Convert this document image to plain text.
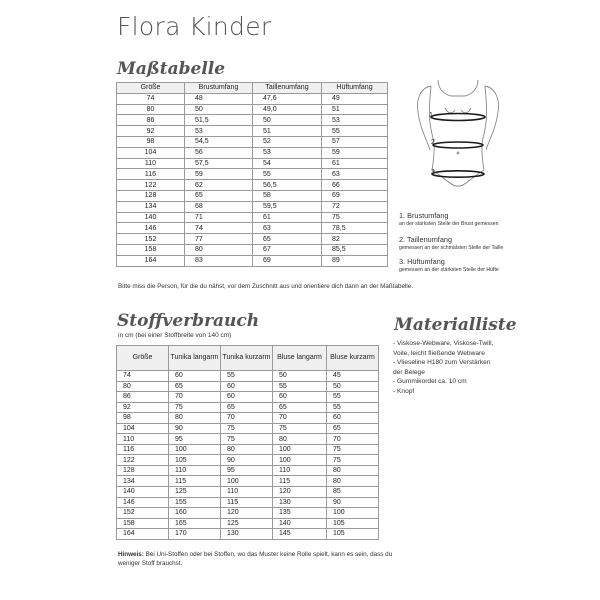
Flora Kinder
Maßtabelle
Größe	Brustumfang	Taillenumfang	Hüftumfang
74	48	47,6	49
80	50	49,0	51
86	51,5	50	53
92	53	51	55
98	54,5	52	57
104	56	53	59
110	57,5	54	61
116	59	55	63
122	62	56,5	66
128	65	58	69
134	68	59,5	72
140	71	61	75
146	74	63	78,5
152	77	65	82
158	80	67	85,5
164	83	69	89
Bitte miss die Person, für die du nähst, vor dem Zuschnitt aus und orientiere dich dann an der Maßtabelle.
1
2
3
1. Brustumfang
an der stärksten Stelle der Brust gemessen
2. Taillenumfang
gemessen an der schmalsten Stelle der Taille
3. Hüftumfang
gemessen an der stärksten Stelle der Hüfte
Stoffverbrauch
in cm (bei einer Stoffbreite von 140 cm)
Größe	Tunika langarm	Tunika kurzarm	Bluse langarm	Bluse kurzarm
74	60	55	50	45
80	65	60	55	50
86	70	60	60	55
92	75	65	65	55
98	80	70	70	60
104	90	75	75	65
110	95	75	80	70
116	100	80	100	75
122	105	90	100	75
128	110	95	110	80
134	115	100	115	80
140	125	110	120	85
146	155	115	130	90
152	160	120	135	100
158	165	125	140	105
164	170	130	145	105
Hinweis: Bei Uni-Stoffen oder bei Stoffen, wo das Muster keine Rolle spielt, kann es sein, dass du weniger Stoff brauchst.
Materialliste
- Viskose-Webware, Viskose-Twill,
Voile, leicht fließende Webware
- Vlieseline H180 zum Verstärken
der Belege
- Gummikordel ca. 10 cm
- Knopf
